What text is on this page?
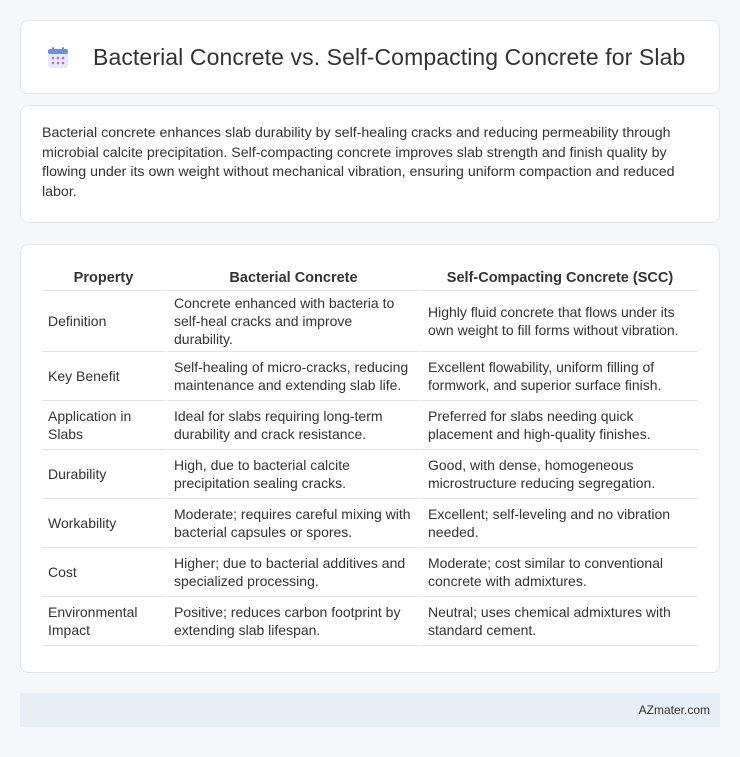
Bacterial Concrete vs. Self-Compacting Concrete for Slab

Bacterial concrete enhances slab durability by self-healing cracks and reducing permeability through microbial calcite precipitation. Self-compacting concrete improves slab strength and finish quality by flowing under its own weight without mechanical vibration, ensuring uniform compaction and reduced labor.

Property	Bacterial Concrete	Self-Compacting Concrete (SCC)
Definition	Concrete enhanced with bacteria to self-heal cracks and improve durability.	Highly fluid concrete that flows under its own weight to fill forms without vibration.
Key Benefit	Self-healing of micro-cracks, reducing maintenance and extending slab life.	Excellent flowability, uniform filling of formwork, and superior surface finish.
Application in Slabs	Ideal for slabs requiring long-term durability and crack resistance.	Preferred for slabs needing quick placement and high-quality finishes.
Durability	High, due to bacterial calcite precipitation sealing cracks.	Good, with dense, homogeneous microstructure reducing segregation.
Workability	Moderate; requires careful mixing with bacterial capsules or spores.	Excellent; self-leveling and no vibration needed.
Cost	Higher; due to bacterial additives and specialized processing.	Moderate; cost similar to conventional concrete with admixtures.
Environmental Impact	Positive; reduces carbon footprint by extending slab lifespan.	Neutral; uses chemical admixtures with standard cement.
AZmater.com
